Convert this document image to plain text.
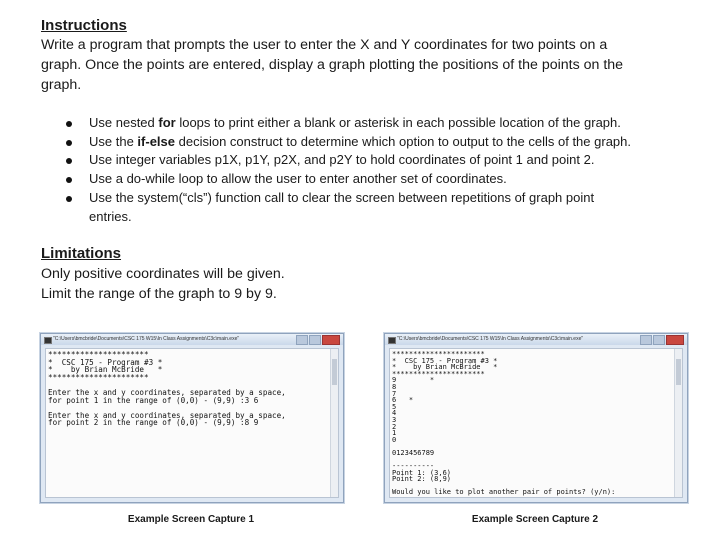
Instructions
Write a program that prompts the user to enter the X and Y coordinates for two points on a
graph. Once the points are entered, display a graph plotting the positions of the points on the
graph.
Use nested for loops to print either a blank or asterisk in each possible location of the graph.
Use the if-else decision construct to determine which option to output to the cells of the graph.
Use integer variables p1X, p1Y, p2X, and p2Y to hold coordinates of point 1 and point 2.
Use a do-while loop to allow the user to enter another set of coordinates.
Use the system(“cls”) function call to clear the screen between repetitions of graph point entries.
Limitations
Only positive coordinates will be given.
Limit the range of the graph to 9 by 9.
"C:\Users\bmcbride\Documents\CSC 175 W15\In Class Assignments\C3c\main.exe"
**********************
*  CSC 175 - Program #3 *
*    by Brian McBride   *
**********************

Enter the x and y coordinates, separated by a space,
for point 1 in the range of (0,0) - (9,9) :3 6

Enter the x and y coordinates, separated by a space,
for point 2 in the range of (0,0) - (9,9) :8 9
Example Screen Capture 1
"C:\Users\bmcbride\Documents\CSC 175 W15\In Class Assignments\C3c\main.exe"
**********************
*  CSC 175 - Program #3 *
*    by Brian McBride   *
**********************
9        *
8
7
6   *
5
4
3
2
1
0

0123456789

----------
Point 1: (3,6)
Point 2: (8,9)

Would you like to plot another pair of points? (y/n):
Example Screen Capture 2
